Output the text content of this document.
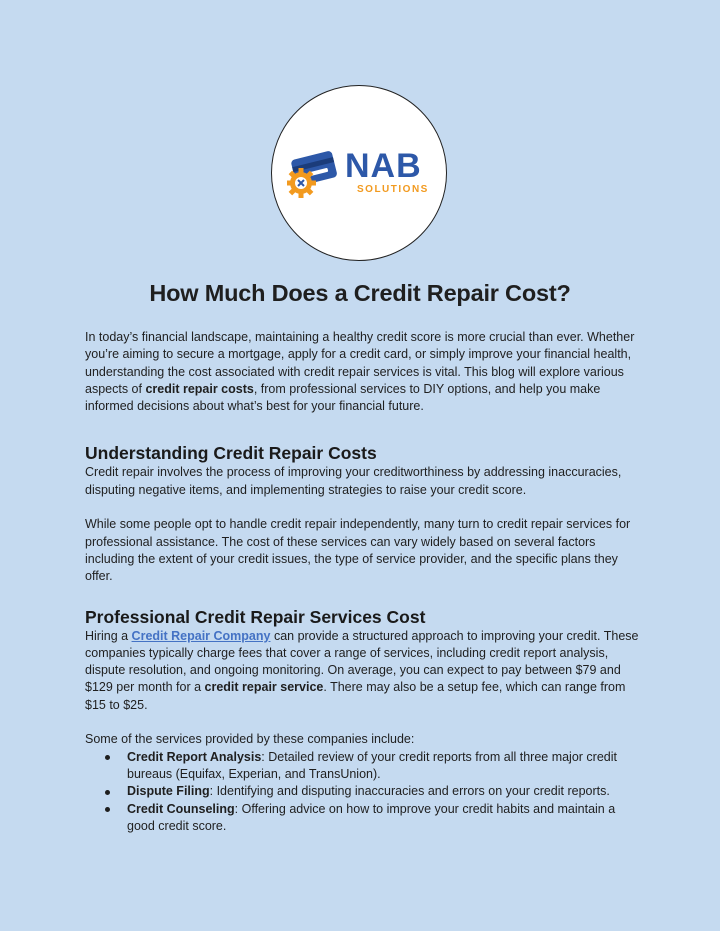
NAB
SOLUTIONS
How Much Does a Credit Repair Cost?

In today’s financial landscape, maintaining a healthy credit score is more crucial than ever. Whether you’re aiming to secure a mortgage, apply for a credit card, or simply improve your financial health, understanding the cost associated with credit repair services is vital. This blog will explore various aspects of credit repair costs, from professional services to DIY options, and help you make informed decisions about what’s best for your financial future.

Understanding Credit Repair Costs

Credit repair involves the process of improving your creditworthiness by addressing inaccuracies, disputing negative items, and implementing strategies to raise your credit score.

While some people opt to handle credit repair independently, many turn to credit repair services for professional assistance. The cost of these services can vary widely based on several factors including the extent of your credit issues, the type of service provider, and the specific plans they offer.

Professional Credit Repair Services Cost

Hiring a Credit Repair Company can provide a structured approach to improving your credit. These companies typically charge fees that cover a range of services, including credit report analysis, dispute resolution, and ongoing monitoring. On average, you can expect to pay between $79 and $129 per month for a credit repair service. There may also be a setup fee, which can range from $15 to $25.

Some of the services provided by these companies include:

Credit Report Analysis: Detailed review of your credit reports from all three major credit bureaus (Equifax, Experian, and TransUnion).
Dispute Filing: Identifying and disputing inaccuracies and errors on your credit reports.
Credit Counseling: Offering advice on how to improve your credit habits and maintain a good credit score.
